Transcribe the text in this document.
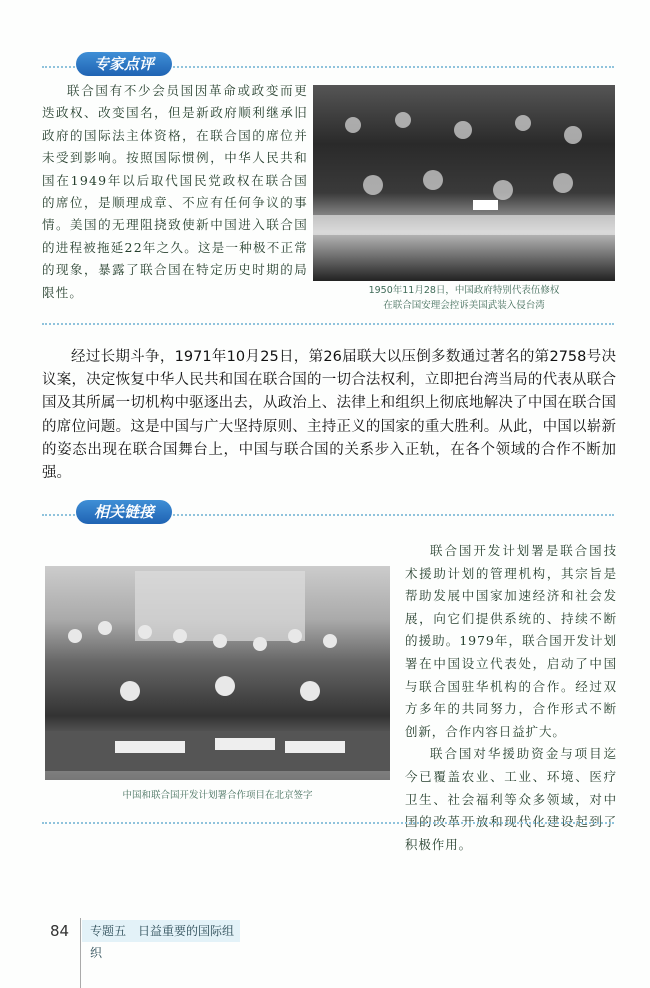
专家点评

联合国有不少会员国因革命或政变而更迭政权、改变国名，但是新政府顺利继承旧政府的国际法主体资格，在联合国的席位并未受到影响。按照国际惯例，中华人民共和国在1949年以后取代国民党政权在联合国的席位，是顺理成章、不应有任何争议的事情。美国的无理阻挠致使新中国进入联合国的进程被拖延22年之久。这是一种极不正常的现象，暴露了联合国在特定历史时期的局限性。	1950年11月28日，中国政府特别代表伍修权
在联合国安理会控诉美国武装入侵台湾

经过长期斗争，1971年10月25日，第26届联大以压倒多数通过著名的第2758号决议案，决定恢复中华人民共和国在联合国的一切合法权利，立即把台湾当局的代表从联合国及其所属一切机构中驱逐出去，从政治上、法律上和组织上彻底地解决了中国在联合国的席位问题。这是中国与广大坚持原则、主持正义的国家的重大胜利。从此，中国以崭新的姿态出现在联合国舞台上，中国与联合国的关系步入正轨，在各个领域的合作不断加强。

相关链接
中国和联合国开发计划署合作项目在北京签字

联合国开发计划署是联合国技术援助计划的管理机构，其宗旨是帮助发展中国家加速经济和社会发展，向它们提供系统的、持续不断的援助。1979年，联合国开发计划署在中国设立代表处，启动了中国与联合国驻华机构的合作。经过双方多年的共同努力，合作形式不断创新，合作内容日益扩大。

联合国对华援助资金与项目迄今已覆盖农业、工业、环境、医疗卫生、社会福利等众多领域，对中国的改革开放和现代化建设起到了积极作用。

84	专题五　日益重要的国际组织
